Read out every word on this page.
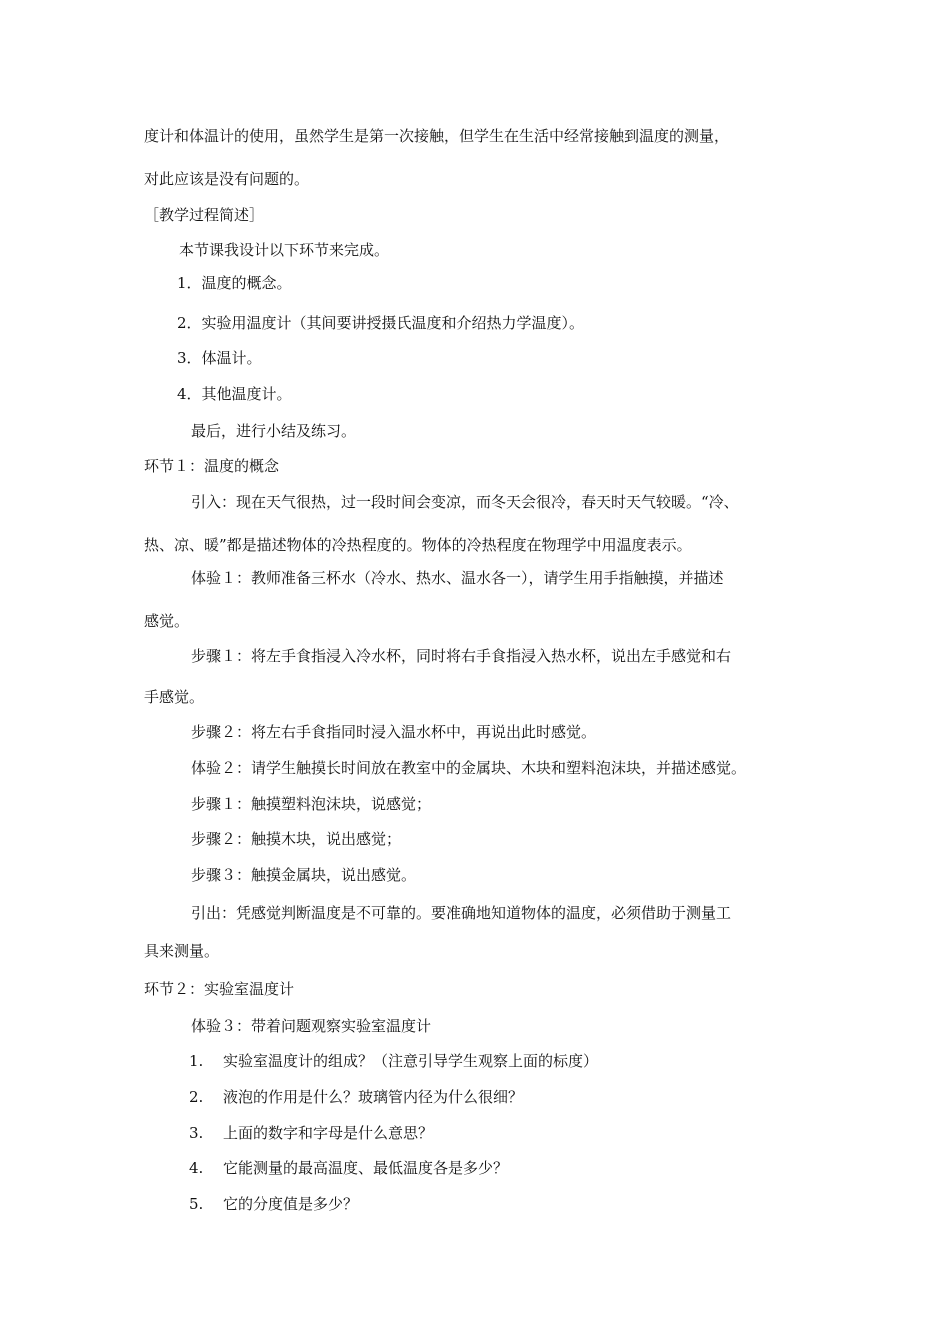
度计和体温计的使用，虽然学生是第一次接触，但学生在生活中经常接触到温度的测量，
对此应该是没有问题的。
［教学过程简述］
本节课我设计以下环节来完成。
1．温度的概念。
2．实验用温度计（其间要讲授摄氏温度和介绍热力学温度）。
3．体温计。
4．其他温度计。
最后，进行小结及练习。
环节１：温度的概念
引入：现在天气很热，过一段时间会变凉，而冬天会很冷，春天时天气较暖。“冷、
热、凉、暖”都是描述物体的冷热程度的。物体的冷热程度在物理学中用温度表示。
体验１：教师准备三杯水（冷水、热水、温水各一），请学生用手指触摸，并描述
感觉。
步骤１：将左手食指浸入冷水杯，同时将右手食指浸入热水杯，说出左手感觉和右
手感觉。
步骤２：将左右手食指同时浸入温水杯中，再说出此时感觉。
体验２：请学生触摸长时间放在教室中的金属块、木块和塑料泡沫块，并描述感觉。
步骤１：触摸塑料泡沫块，说感觉；
步骤２：触摸木块，说出感觉；
步骤３：触摸金属块，说出感觉。
引出：凭感觉判断温度是不可靠的。要准确地知道物体的温度，必须借助于测量工
具来测量。
环节２：实验室温度计
体验３：带着问题观察实验室温度计
1. 实验室温度计的组成？（注意引导学生观察上面的标度）
2. 液泡的作用是什么？玻璃管内径为什么很细？
3. 上面的数字和字母是什么意思？
4. 它能测量的最高温度、最低温度各是多少？
5. 它的分度值是多少？
